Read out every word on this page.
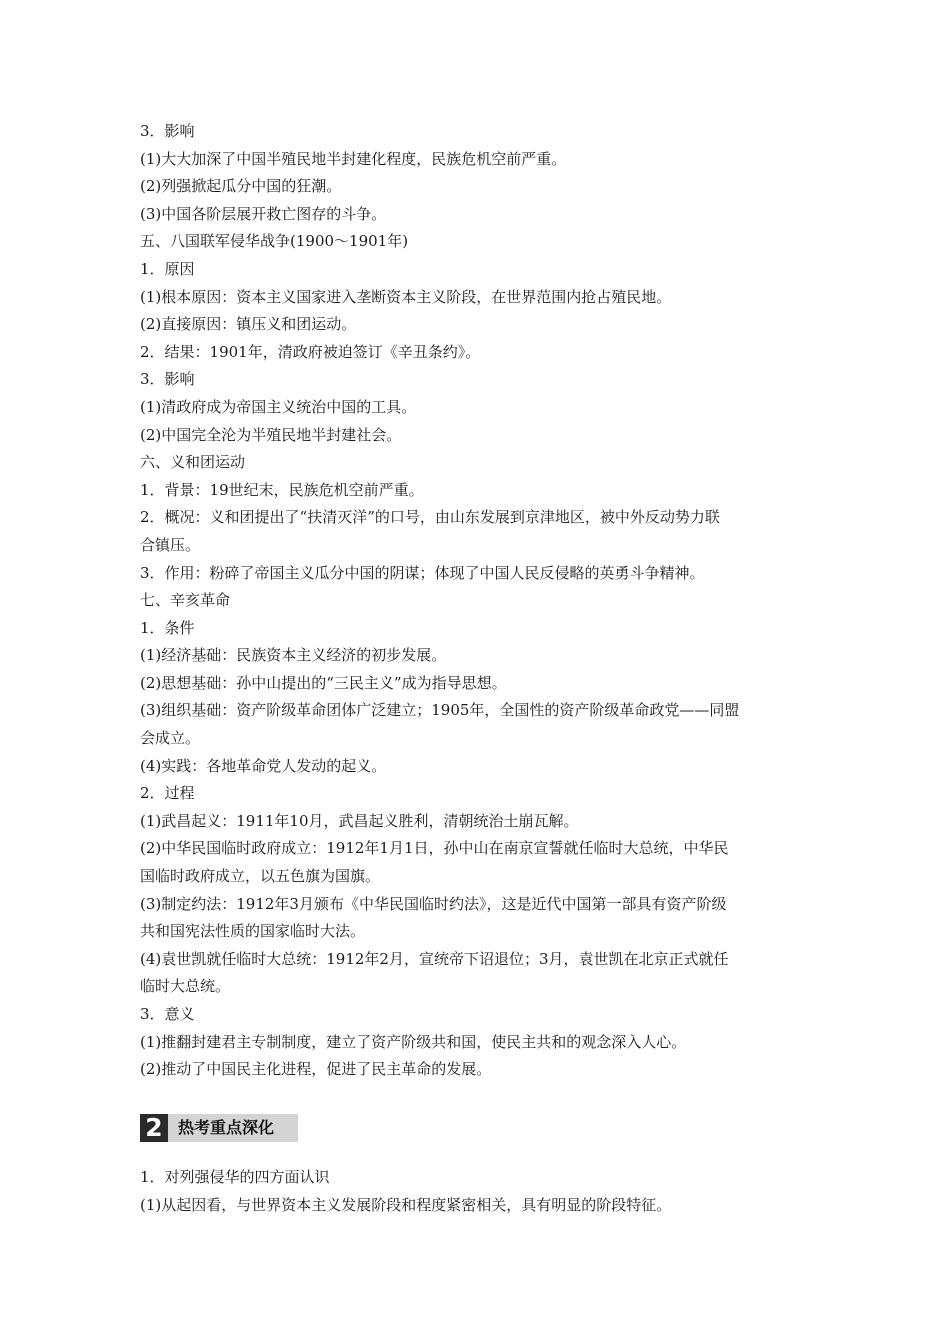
3．影响
(1)大大加深了中国半殖民地半封建化程度，民族危机空前严重。
(2)列强掀起瓜分中国的狂潮。
(3)中国各阶层展开救亡图存的斗争。
五、八国联军侵华战争(1900～1901年)
1．原因
(1)根本原因：资本主义国家进入垄断资本主义阶段，在世界范围内抢占殖民地。
(2)直接原因：镇压义和团运动。
2．结果：1901年，清政府被迫签订《辛丑条约》。
3．影响
(1)清政府成为帝国主义统治中国的工具。
(2)中国完全沦为半殖民地半封建社会。
六、义和团运动
1．背景：19世纪末，民族危机空前严重。
2．概况：义和团提出了“扶清灭洋”的口号，由山东发展到京津地区，被中外反动势力联
合镇压。
3．作用：粉碎了帝国主义瓜分中国的阴谋；体现了中国人民反侵略的英勇斗争精神。
七、辛亥革命
1．条件
(1)经济基础：民族资本主义经济的初步发展。
(2)思想基础：孙中山提出的“三民主义”成为指导思想。
(3)组织基础：资产阶级革命团体广泛建立；1905年，全国性的资产阶级革命政党——同盟
会成立。
(4)实践：各地革命党人发动的起义。
2．过程
(1)武昌起义：1911年10月，武昌起义胜利，清朝统治土崩瓦解。
(2)中华民国临时政府成立：1912年1月1日，孙中山在南京宣誓就任临时大总统，中华民
国临时政府成立，以五色旗为国旗。
(3)制定约法：1912年3月颁布《中华民国临时约法》，这是近代中国第一部具有资产阶级
共和国宪法性质的国家临时大法。
(4)袁世凯就任临时大总统：1912年2月，宣统帝下诏退位；3月，袁世凯在北京正式就任
临时大总统。
3．意义
(1)推翻封建君主专制制度，建立了资产阶级共和国，使民主共和的观念深入人心。
(2)推动了中国民主化进程，促进了民主革命的发展。
2 热考重点深化
1．对列强侵华的四方面认识
(1)从起因看，与世界资本主义发展阶段和程度紧密相关，具有明显的阶段特征。
